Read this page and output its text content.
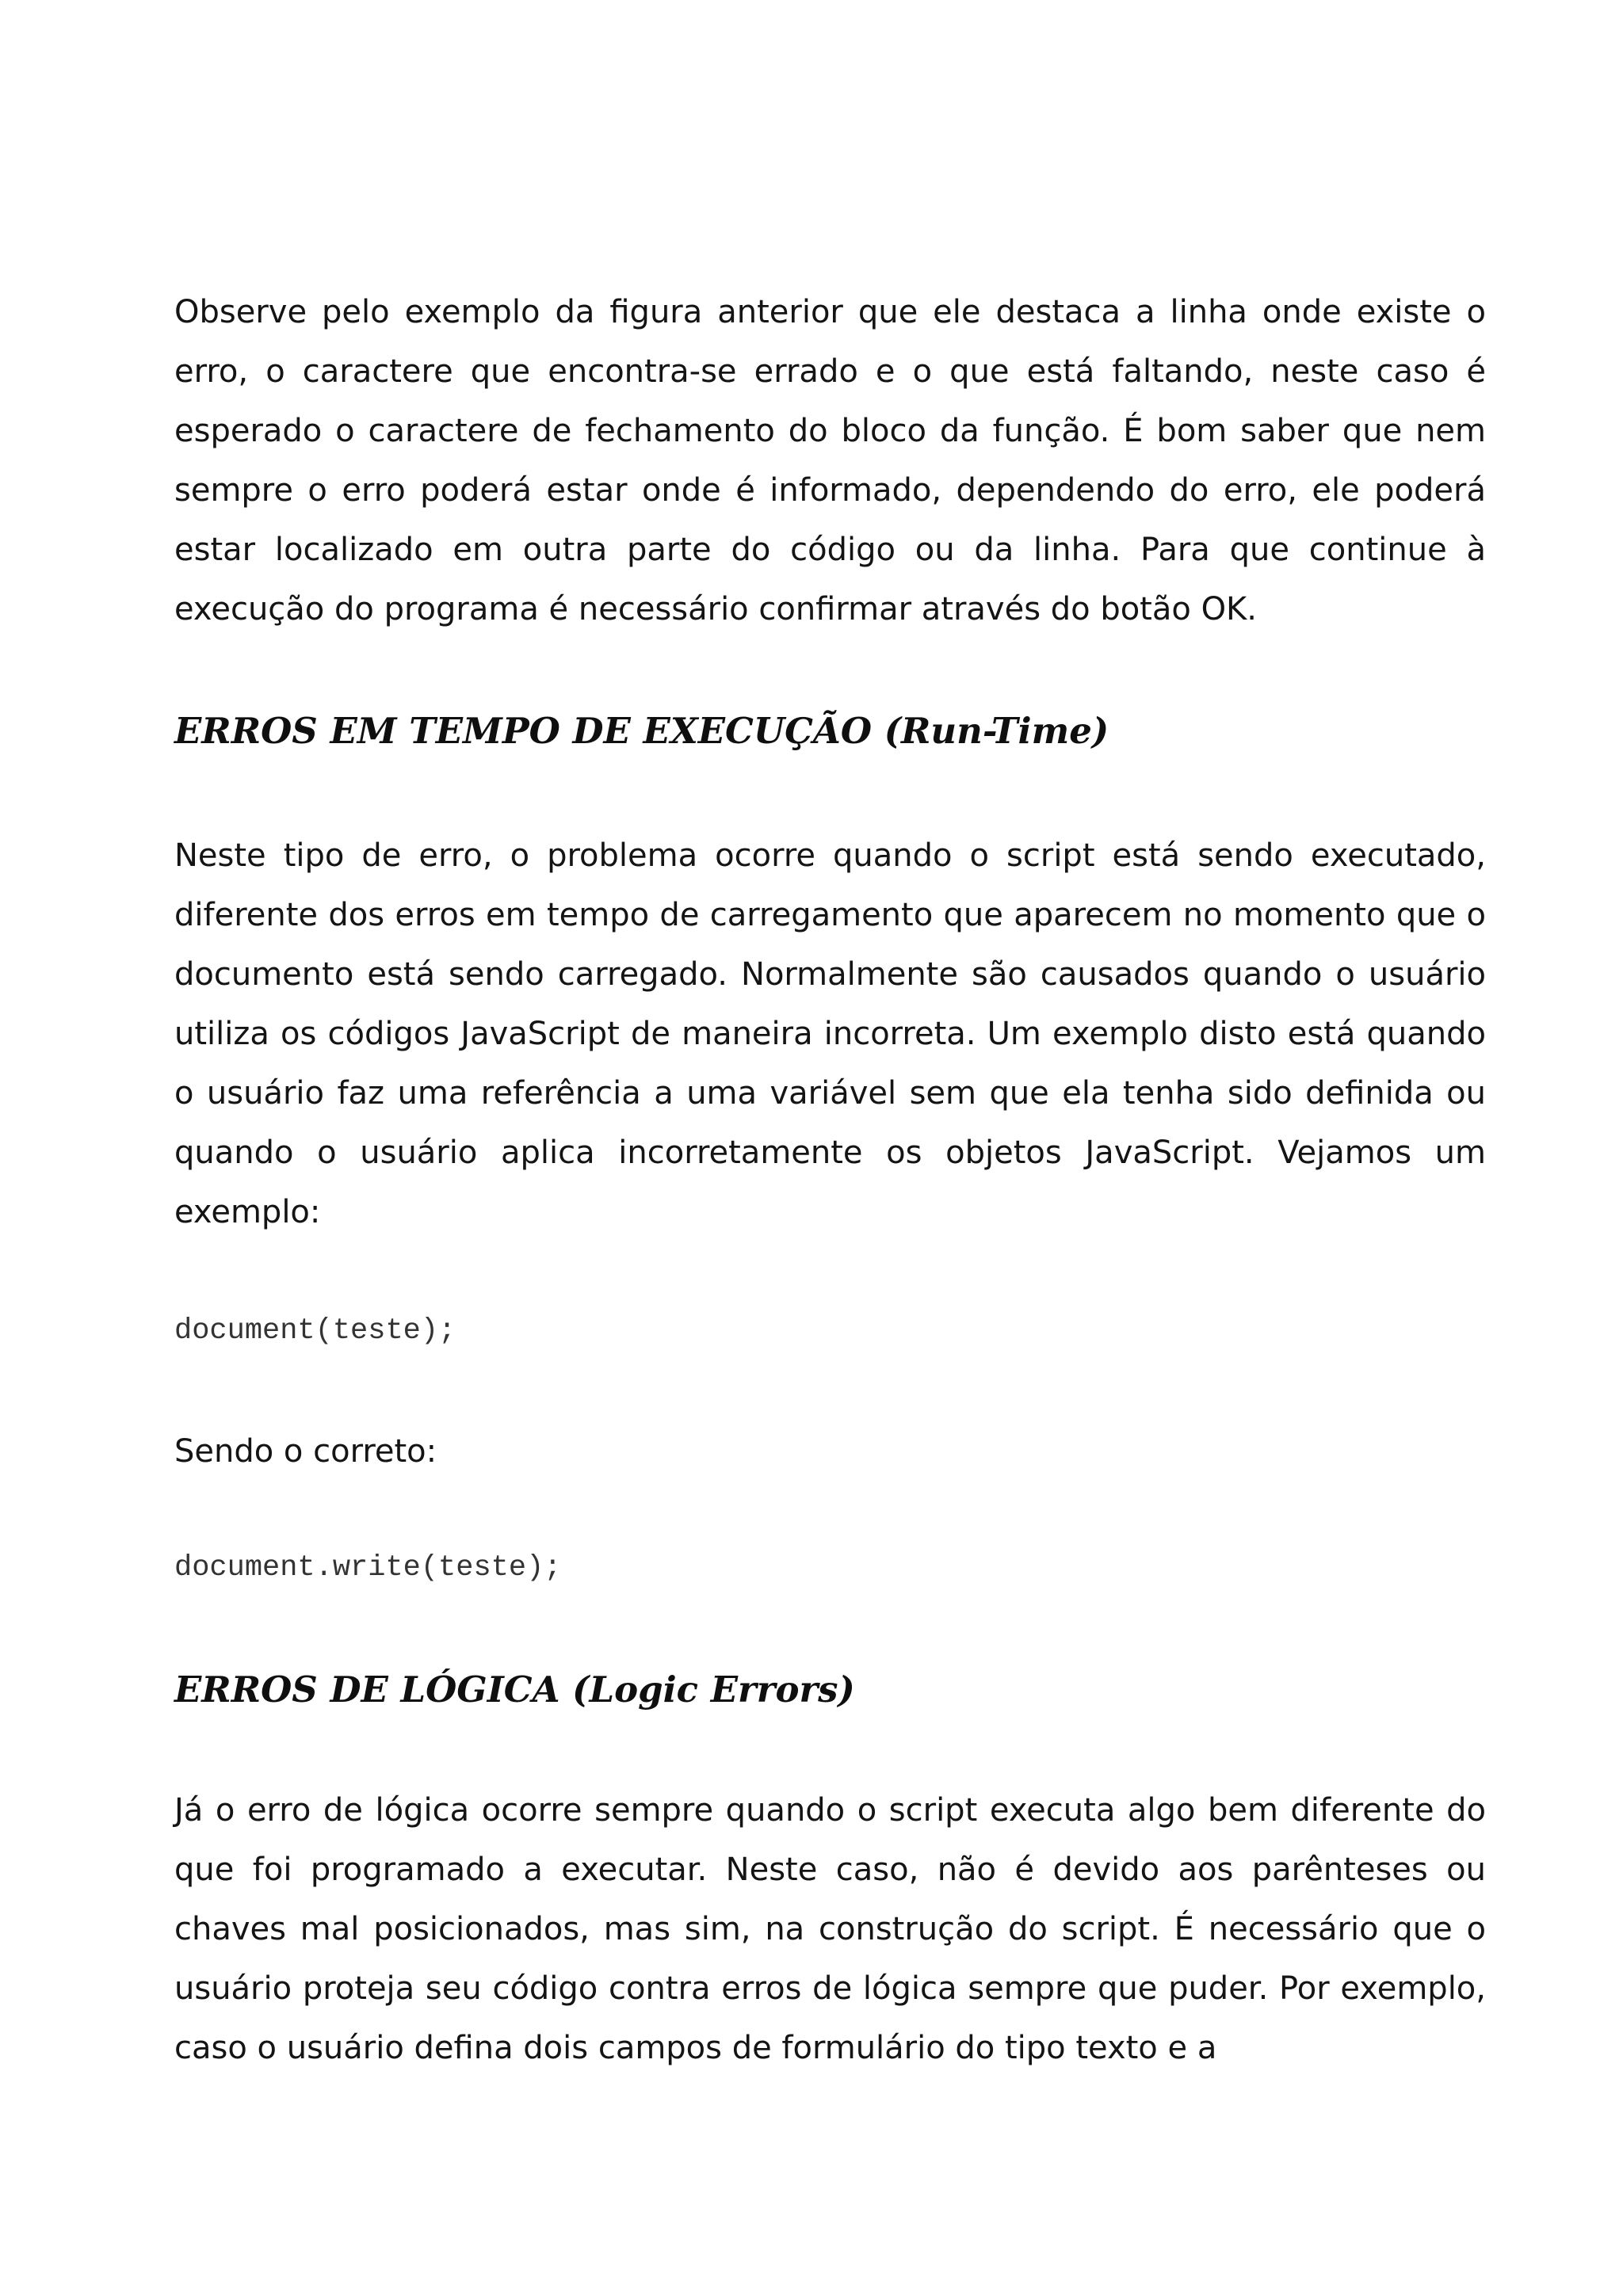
Observe pelo exemplo da figura anterior que ele destaca a linha onde existe o erro, o caractere que encontra-se errado e o que está faltando, neste caso é esperado o caractere de fechamento do bloco da função. É bom saber que nem sempre o erro poderá estar onde é informado, dependendo do erro, ele poderá estar localizado em outra parte do código ou da linha. Para que continue à execução do programa é necessário confirmar através do botão OK.

ERROS EM TEMPO DE EXECUÇÃO (Run-Time)

Neste tipo de erro, o problema ocorre quando o script está sendo executado, diferente dos erros em tempo de carregamento que aparecem no momento que o documento está sendo carregado. Normalmente são causados quando o usuário utiliza os códigos JavaScript de maneira incorreta. Um exemplo disto está quando o usuário faz uma referência a uma variável sem que ela tenha sido definida ou quando o usuário aplica incorretamente os objetos JavaScript. Vejamos um exemplo:

document(teste);

Sendo o correto:

document.write(teste);
ERROS DE LÓGICA (Logic Errors)

Já o erro de lógica ocorre sempre quando o script executa algo bem diferente do que foi programado a executar. Neste caso, não é devido aos parênteses ou chaves mal posicionados, mas sim, na construção do script. É necessário que o usuário proteja seu código contra erros de lógica sempre que puder. Por exemplo, caso o usuário defina dois campos de formulário do tipo texto e a
